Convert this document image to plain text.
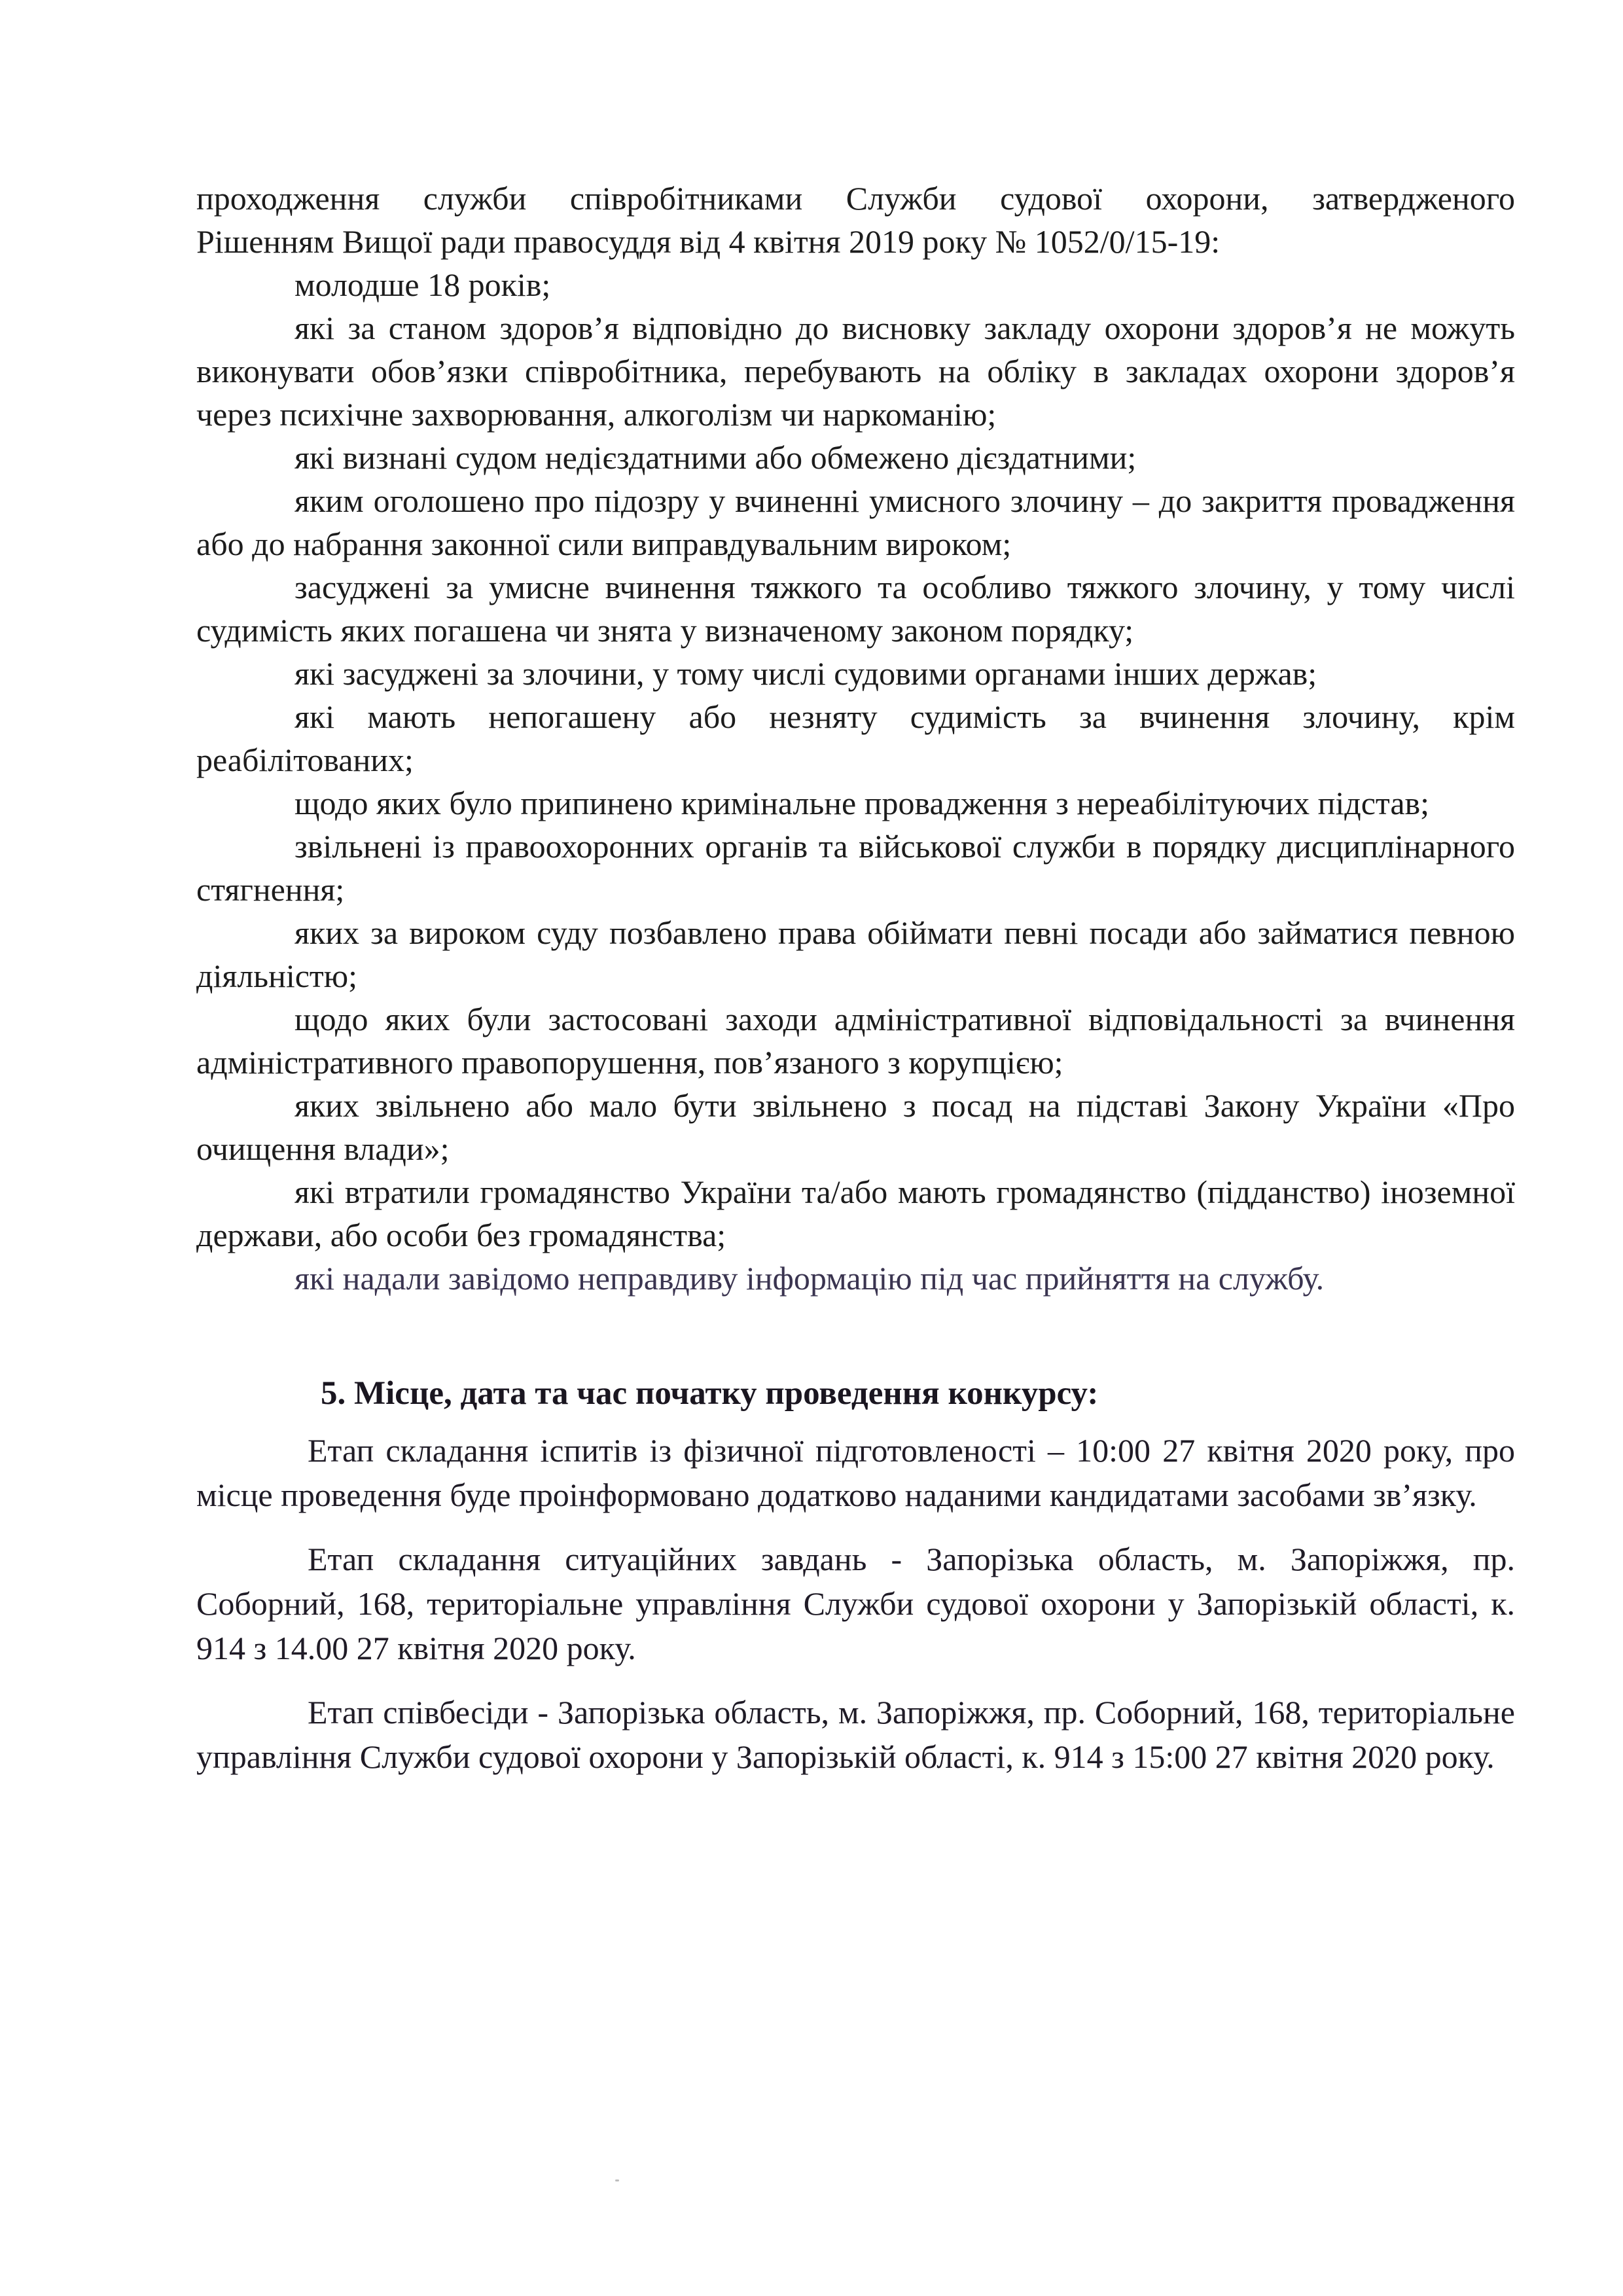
проходження служби співробітниками Служби судової охорони, затвердженого

Рішенням Вищої ради правосуддя від 4 квітня 2019 року № 1052/0/15-19:

молодше 18 років;

які за станом здоров’я відповідно до висновку закладу охорони здоров’я не можуть виконувати обов’язки співробітника, перебувають на обліку в закладах охорони здоров’я через психічне захворювання, алкоголізм чи наркоманію;

які визнані судом недієздатними або обмежено дієздатними;

яким оголошено про підозру у вчиненні умисного злочину – до закриття провадження або до набрання законної сили виправдувальним вироком;

засуджені за умисне вчинення тяжкого та особливо тяжкого злочину, у тому числі судимість яких погашена чи знята у визначеному законом порядку;

які засуджені за злочини, у тому числі судовими органами інших держав;

які мають непогашену або незняту судимість за вчинення злочину, крім реабілітованих;

щодо яких було припинено кримінальне провадження з нереабілітуючих підстав;

звільнені із правоохоронних органів та військової служби в порядку дисциплінарного стягнення;

яких за вироком суду позбавлено права обіймати певні посади або займатися певною діяльністю;

щодо яких були застосовані заходи адміністративної відповідальності за вчинення адміністративного правопорушення, пов’язаного з корупцією;

яких звільнено або мало бути звільнено з посад на підставі Закону України «Про очищення влади»;

які втратили громадянство України та/або мають громадянство (підданство) іноземної держави, або особи без громадянства;

які надали завідомо неправдиву інформацію під час прийняття на службу.

5. Місце, дата та час початку проведення конкурсу:

Етап складання іспитів із фізичної підготовленості – 10:00 27 квітня 2020 року, про місце проведення буде проінформовано додатково наданими кандидатами засобами зв’язку.

Етап складання ситуаційних завдань - Запорізька область, м. Запоріжжя, пр. Соборний, 168, територіальне управління Служби судової охорони у Запорізькій області, к. 914 з 14.00 27 квітня 2020 року.

Етап співбесіди - Запорізька область, м. Запоріжжя, пр. Соборний, 168, територіальне управління Служби судової охорони у Запорізькій області, к. 914 з 15:00 27 квітня 2020 року.
